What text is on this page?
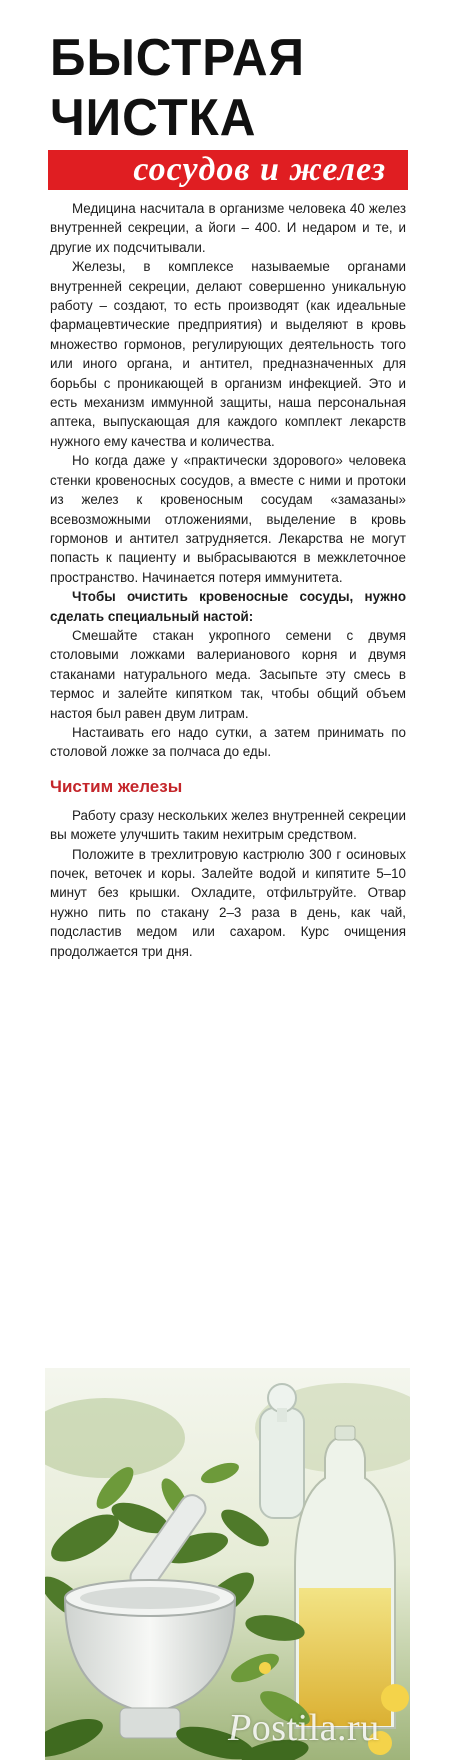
БЫСТРАЯ
ЧИСТКА
сосудов и желез

Медицина насчитала в организме человека 40 желез внутренней секреции, а йоги – 400. И недаром и те, и другие их подсчитывали.

Железы, в комплексе называемые органами внутренней секреции, делают совершенно уникальную работу – создают, то есть производят (как идеальные фармацевтические предприятия) и выделяют в кровь множество гормонов, регулирующих деятельность того или иного органа, и антител, предназначенных для борьбы с проникающей в организм инфекцией. Это и есть механизм иммунной защиты, наша персональная аптека, выпускающая для каждого комплект лекарств нужного ему качества и количества.

Но когда даже у «практически здорового» человека стенки кровеносных сосудов, а вместе с ними и протоки из желез к кровеносным сосудам «замазаны» всевозможными отложениями, выделение в кровь гормонов и антител затрудняется. Лекарства не могут попасть к пациенту и выбрасываются в межклеточное пространство. Начинается потеря иммунитета.

Чтобы очистить кровеносные сосуды, нужно сделать специальный настой:

Смешайте стакан укропного семени с двумя столовыми ложками валерианового корня и двумя стаканами натурального меда. Засыпьте эту смесь в термос и залейте кипятком так, чтобы общий объем настоя был равен двум литрам.

Настаивать его надо сутки, а затем принимать по столовой ложке за полчаса до еды.

Чистим железы

Работу сразу нескольких желез внутренней секреции вы можете улучшить таким нехитрым средством.

Положите в трехлитровую кастрюлю 300 г осиновых почек, веточек и коры. Залейте водой и кипятите 5–10 минут без крышки. Охладите, отфильтруйте. Отвар нужно пить по стакану 2–3 раза в день, как чай, подсластив медом или сахаром. Курс очищения продолжается три дня.

Postila.ru
